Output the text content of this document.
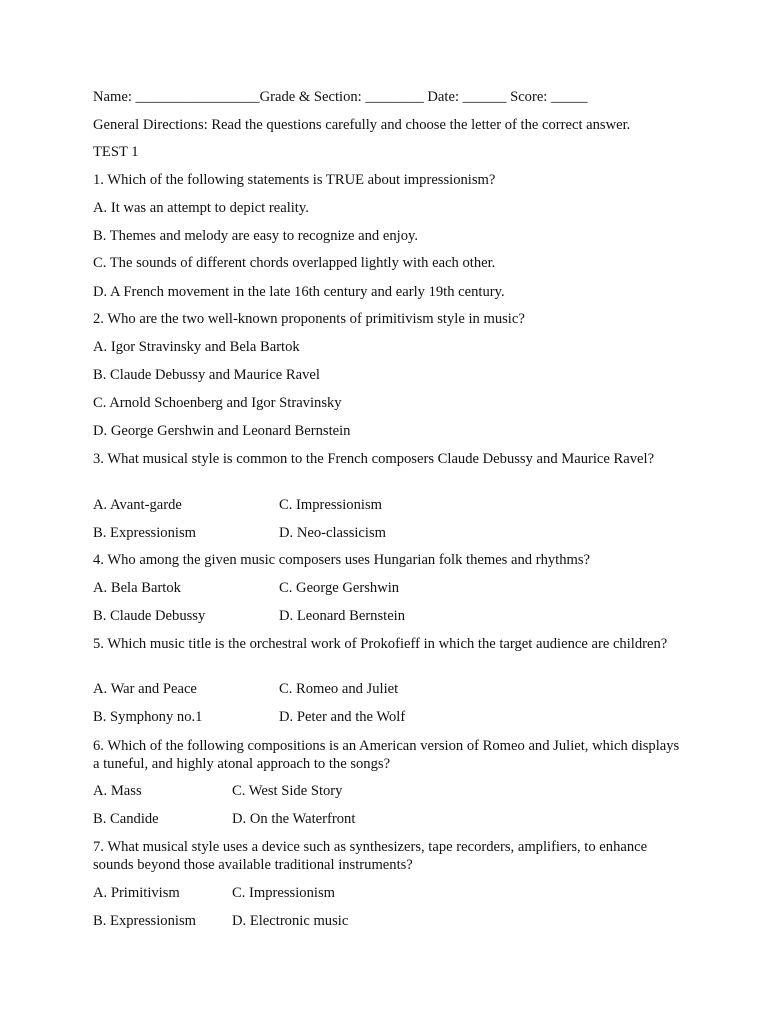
Name: _________________Grade & Section: ________ Date: ______ Score: _____
General Directions: Read the questions carefully and choose the letter of the correct answer.
TEST 1
1. Which of the following statements is TRUE about impressionism?
A. It was an attempt to depict reality.
B. Themes and melody are easy to recognize and enjoy.
C. The sounds of different chords overlapped lightly with each other.
D. A French movement in the late 16th century and early 19th century.
2. Who are the two well-known proponents of primitivism style in music?
A. Igor Stravinsky and Bela Bartok
B. Claude Debussy and Maurice Ravel
C. Arnold Schoenberg and Igor Stravinsky
D. George Gershwin and Leonard Bernstein
3. What musical style is common to the French composers Claude Debussy and Maurice Ravel?
A. Avant-garde	C. Impressionism
B. Expressionism	D. Neo-classicism
4. Who among the given music composers uses Hungarian folk themes and rhythms?
A. Bela Bartok	C. George Gershwin
B. Claude Debussy	D. Leonard Bernstein
5. Which music title is the orchestral work of Prokofieff in which the target audience are children?
A. War and Peace	C. Romeo and Juliet
B. Symphony no.1	D. Peter and the Wolf
6. Which of the following compositions is an American version of Romeo and Juliet, which displays a tuneful, and highly atonal approach to the songs?
A. Mass	C. West Side Story
B. Candide	D. On the Waterfront
7. What musical style uses a device such as synthesizers, tape recorders, amplifiers, to enhance sounds beyond those available traditional instruments?
A. Primitivism	C. Impressionism
B. Expressionism D. Electronic music
